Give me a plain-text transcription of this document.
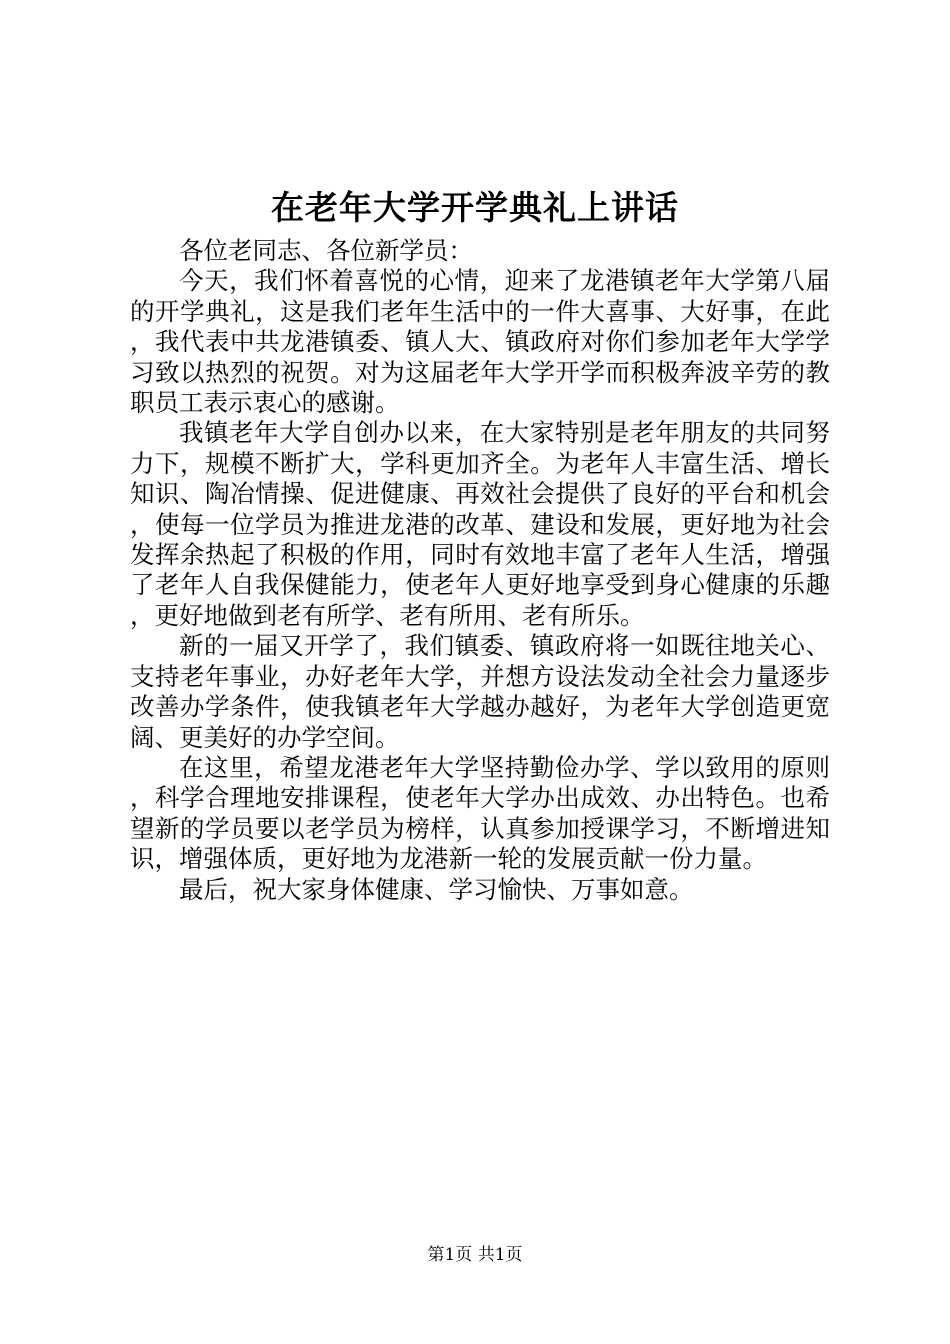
在老年大学开学典礼上讲话

各位老同志、各位新学员：

今天，我们怀着喜悦的心情，迎来了龙港镇老年大学第八届的开学典礼，这是我们老年生活中的一件大喜事、大好事，在此，我代表中共龙港镇委、镇人大、镇政府对你们参加老年大学学习致以热烈的祝贺。对为这届老年大学开学而积极奔波辛劳的教职员工表示衷心的感谢。

我镇老年大学自创办以来，在大家特别是老年朋友的共同努力下，规模不断扩大，学科更加齐全。为老年人丰富生活、增长知识、陶冶情操、促进健康、再效社会提供了良好的平台和机会，使每一位学员为推进龙港的改革、建设和发展，更好地为社会发挥余热起了积极的作用，同时有效地丰富了老年人生活，增强了老年人自我保健能力，使老年人更好地享受到身心健康的乐趣，更好地做到老有所学、老有所用、老有所乐。

新的一届又开学了，我们镇委、镇政府将一如既往地关心、支持老年事业，办好老年大学，并想方设法发动全社会力量逐步改善办学条件，使我镇老年大学越办越好，为老年大学创造更宽阔、更美好的办学空间。

在这里，希望龙港老年大学坚持勤俭办学、学以致用的原则，科学合理地安排课程，使老年大学办出成效、办出特色。也希望新的学员要以老学员为榜样，认真参加授课学习，不断增进知识，增强体质，更好地为龙港新一轮的发展贡献一份力量。

最后，祝大家身体健康、学习愉快、万事如意。

第1页 共1页
